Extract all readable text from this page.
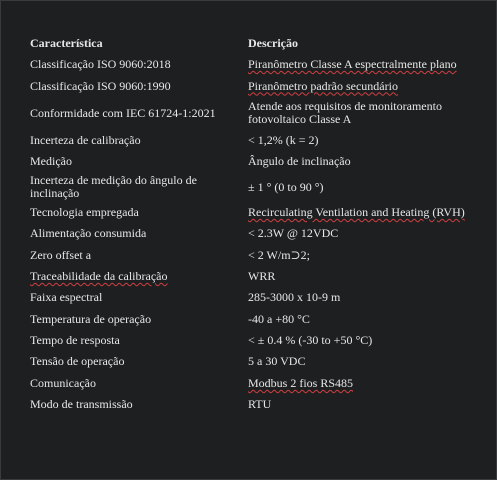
Característica	Descrição
Classificação ISO 9060:2018	Piranômetro Classe A espectralmente plano
Classificação ISO 9060:1990	Piranômetro padrão secundário
Conformidade com IEC 61724-1:2021	Atende aos requisitos de monitoramento fotovoltaico Classe A
Incerteza de calibração	< 1,2% (k = 2)
Medição	Ângulo de inclinação
Incerteza de medição do ângulo de inclinação	± 1 ° (0 to 90 °)
Tecnologia empregada	Recirculating Ventilation and Heating (RVH)
Alimentação consumida	< 2.3W @ 12VDC
Zero offset a	< 2 W/m⊃2;
Traceabilidade da calibração	WRR
Faixa espectral	285-3000 x 10-9 m
Temperatura de operação	-40 a +80 °C
Tempo de resposta	< ± 0.4 % (-30 to +50 °C)
Tensão de operação	5 a 30 VDC
Comunicação	Modbus 2 fios RS485
Modo de transmissão	RTU
